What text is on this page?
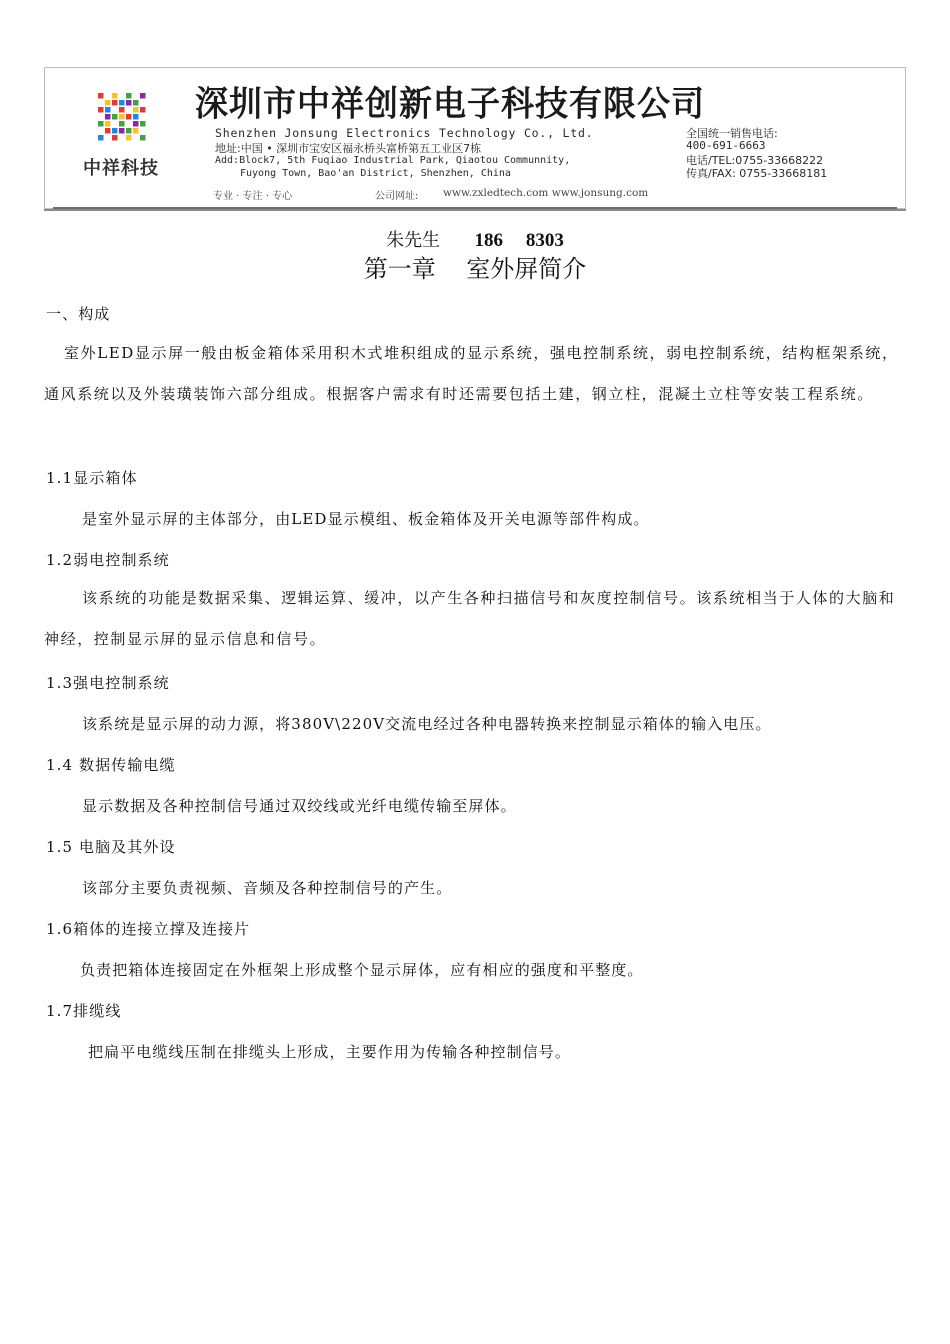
中祥科技
深圳市中祥创新电子科技有限公司
Shenzhen Jonsung Electronics Technology Co., Ltd.
地址:中国 • 深圳市宝安区福永桥头富桥第五工业区7栋
Add:Block7, 5th Fuqiao Industrial Park, Qiaotou Communnity,
Fuyong Town, Bao'an District, Shenzhen, China
专业 · 专注 · 专心	公司网址: www.zxledtech.com www.jonsung.com
全国统一销售电话:
400-691-6663
电话/TEL:0755-33668222
传真/FAX: 0755-33668181
朱先生 186 8303
第一章 室外屏简介
一、构成
室外LED显示屏一般由板金箱体采用积木式堆积组成的显示系统，强电控制系统，弱电控制系统，结构框架系统，通风系统以及外装璜装饰六部分组成。根据客户需求有时还需要包括土建，钢立柱，混凝土立柱等安装工程系统。
1.1显示箱体
是室外显示屏的主体部分，由LED显示模组、板金箱体及开关电源等部件构成。
1.2弱电控制系统
该系统的功能是数据采集、逻辑运算、缓冲，以产生各种扫描信号和灰度控制信号。该系统相当于人体的大脑和神经，控制显示屏的显示信息和信号。
1.3强电控制系统
该系统是显示屏的动力源，将380V\220V交流电经过各种电器转换来控制显示箱体的输入电压。
1.4 数据传输电缆
显示数据及各种控制信号通过双绞线或光纤电缆传输至屏体。
1.5 电脑及其外设
该部分主要负责视频、音频及各种控制信号的产生。
1.6箱体的连接立撑及连接片
负责把箱体连接固定在外框架上形成整个显示屏体，应有相应的强度和平整度。
1.7排缆线
把扁平电缆线压制在排缆头上形成，主要作用为传输各种控制信号。
